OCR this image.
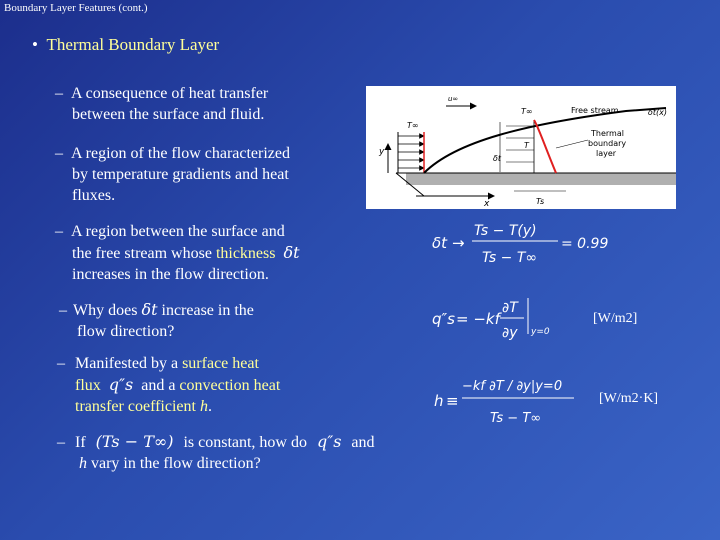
Boundary Layer Features (cont.)
•  Thermal Boundary Layer
– A consequence of heat transfer
between the surface and fluid.
– A region of the flow characterized
by temperature gradients and heat
fluxes.
– A region between the surface and
the free stream whose thickness δt
increases in the flow direction.
– Why does δt increase in the
flow direction?
– Manifested by a surface heat
flux q″s and a convection heat
transfer coefficient h.
– If (Ts − T∞) is constant, how do q″s and
h vary in the flow direction?
y
x
T∞
u∞
T∞	Free stream	δt(x)
T
δt
Thermal
boundary
layer
Ts
δt →
Ts − T(y)
Ts − T∞
= 0.99
q″s = −kf
∂T
∂y y=0
[W/m2]
h ≡
−kf ∂T / ∂y|y=0
Ts − T∞
[W/m2·K]
